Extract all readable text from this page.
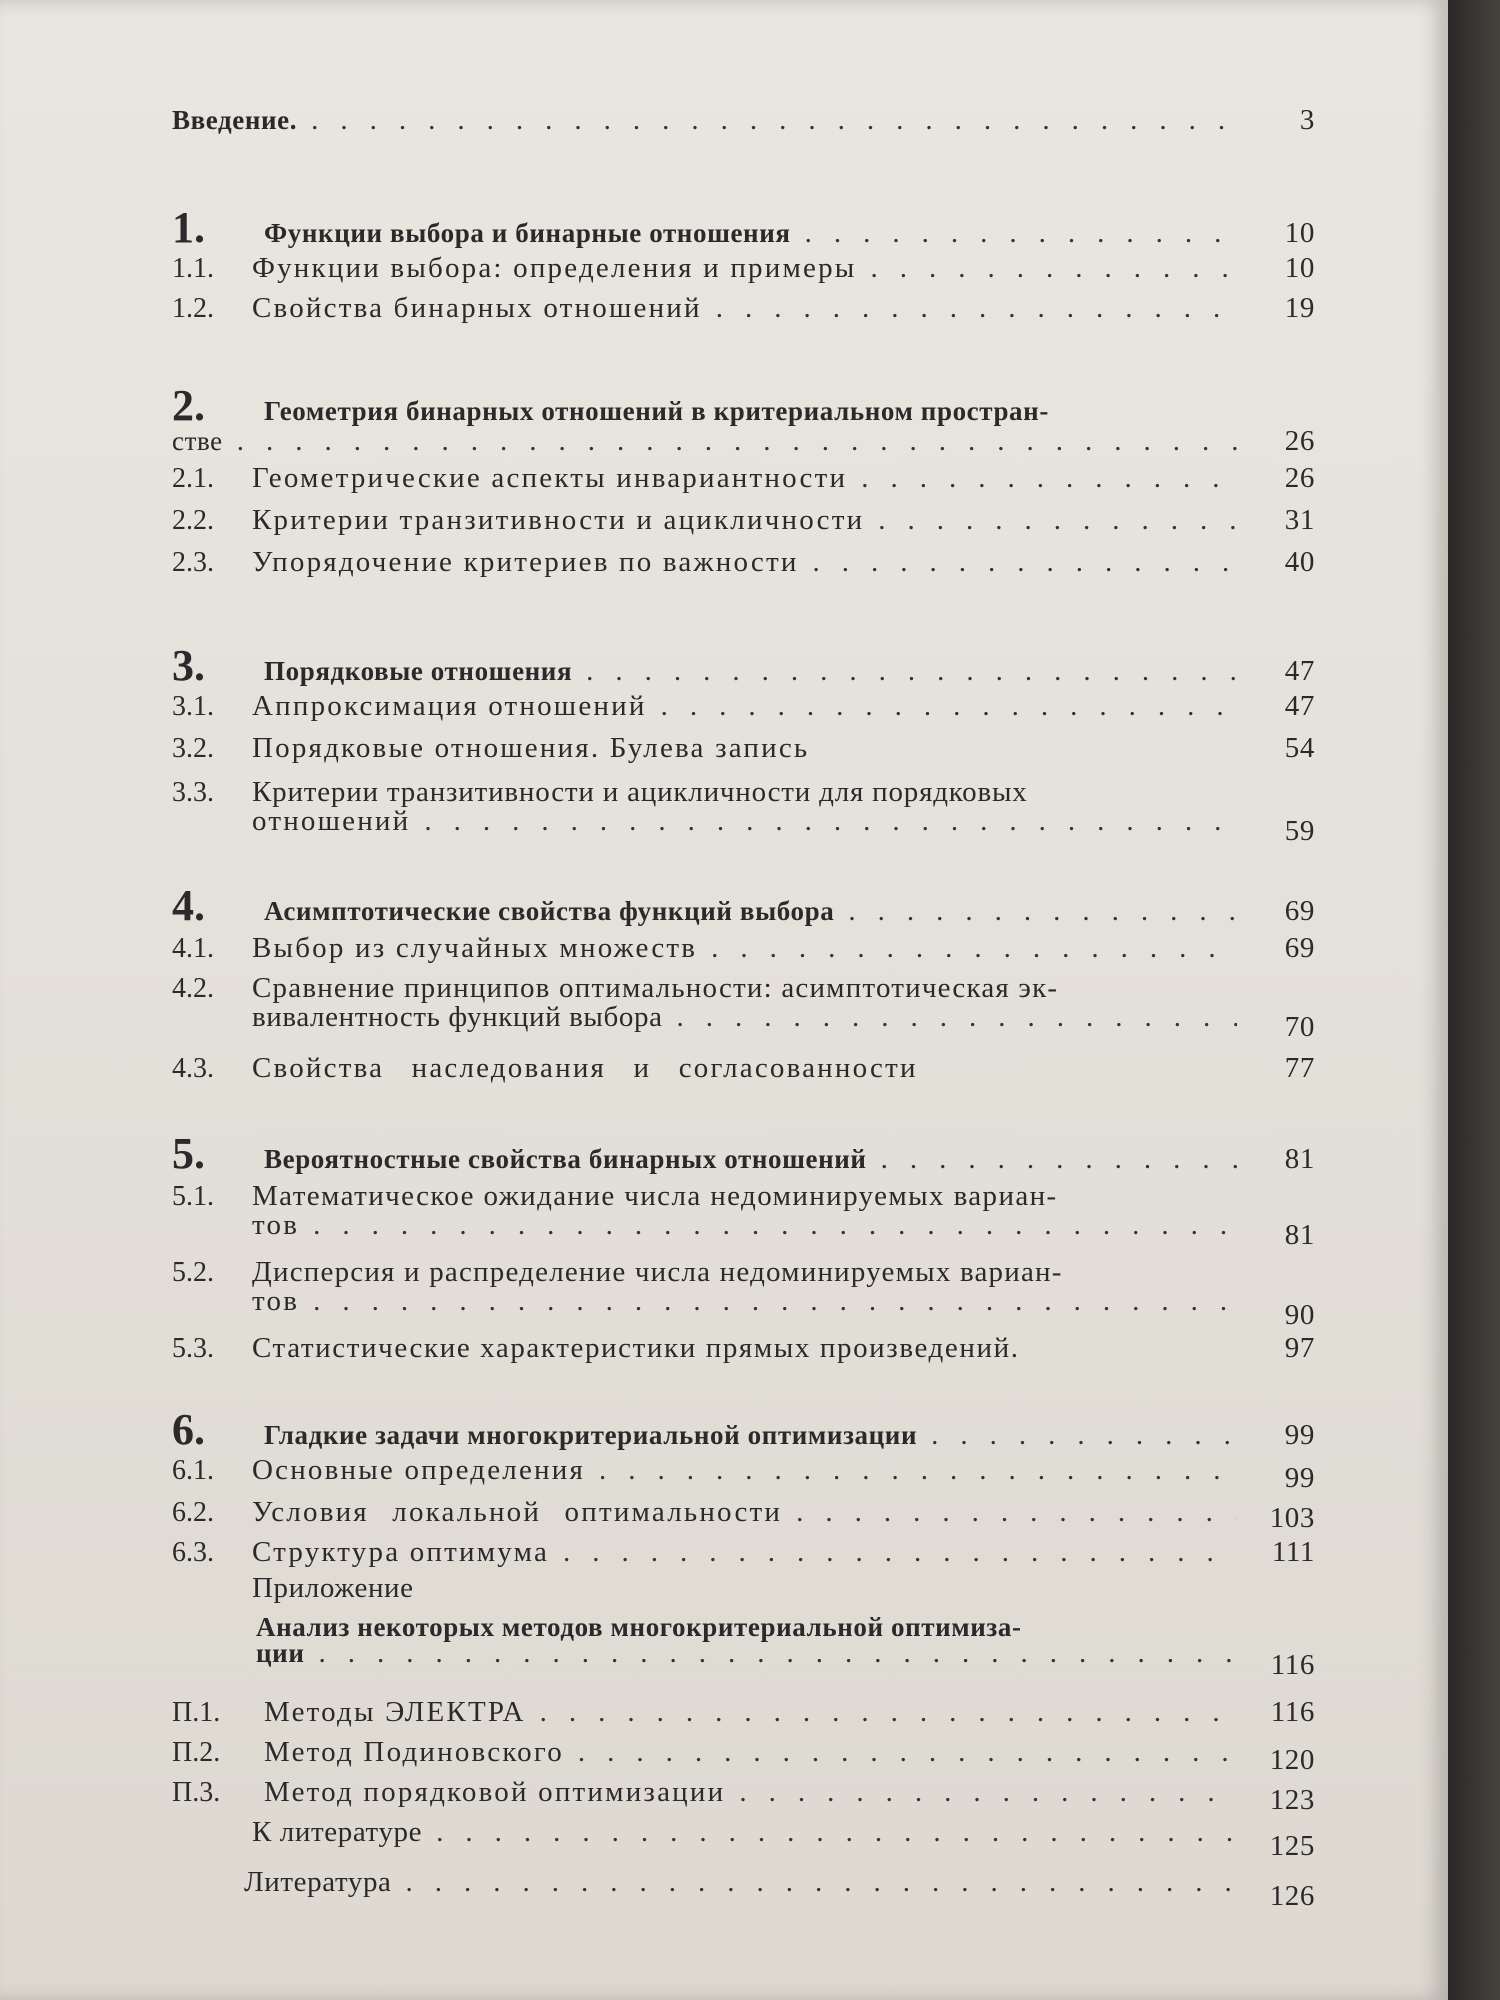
Введение. .....	3
1.	Функции выбора и бинарные отношения .....	10
1.1.	Функции выбора: определения и примеры .....	10
1.2.	Свойства бинарных отношений .....	19
2.	Геометрия бинарных отношений в критериальном простран-
стве .....	26
2.1.	Геометрические аспекты инвариантности .....	26
2.2.	Критерии транзитивности и ацикличности .....	31
2.3.	Упорядочение критериев по важности .....	40
3.	Порядковые отношения .....	47
3.1.	Аппроксимация отношений .....	47
3.2.	Порядковые отношения. Булева запись	54
3.3.	Критерии транзитивности и ацикличности для порядковых
отношений .....	59
4.	Асимптотические свойства функций выбора .....	69
4.1.	Выбор из случайных множеств .....	69
4.2.	Сравнение принципов оптимальности: асимптотическая эк-
вивалентность функций выбора .....	70
4.3.	Свойства наследования и согласованности	77
5.	Вероятностные свойства бинарных отношений .....	81
5.1.	Математическое ожидание числа недоминируемых вариан-
тов .....	81
5.2.	Дисперсия и распределение числа недоминируемых вариан-
тов .....	90
5.3.	Статистические характеристики прямых произведений.	97
6.	Гладкие задачи многокритериальной оптимизации .....	99
6.1.	Основные определения .....	99
6.2.	Условия локальной оптимальности .....	103
6.3.	Структура оптимума .....	111
Приложение
Анализ некоторых методов многокритериальной оптимиза-
ции .....	116
П.1.	Методы ЭЛЕКТРА .....	116
П.2.	Метод Подиновского .....	120
П.3.	Метод порядковой оптимизации .....	123
К литературе .....	125
Литература .....	126
